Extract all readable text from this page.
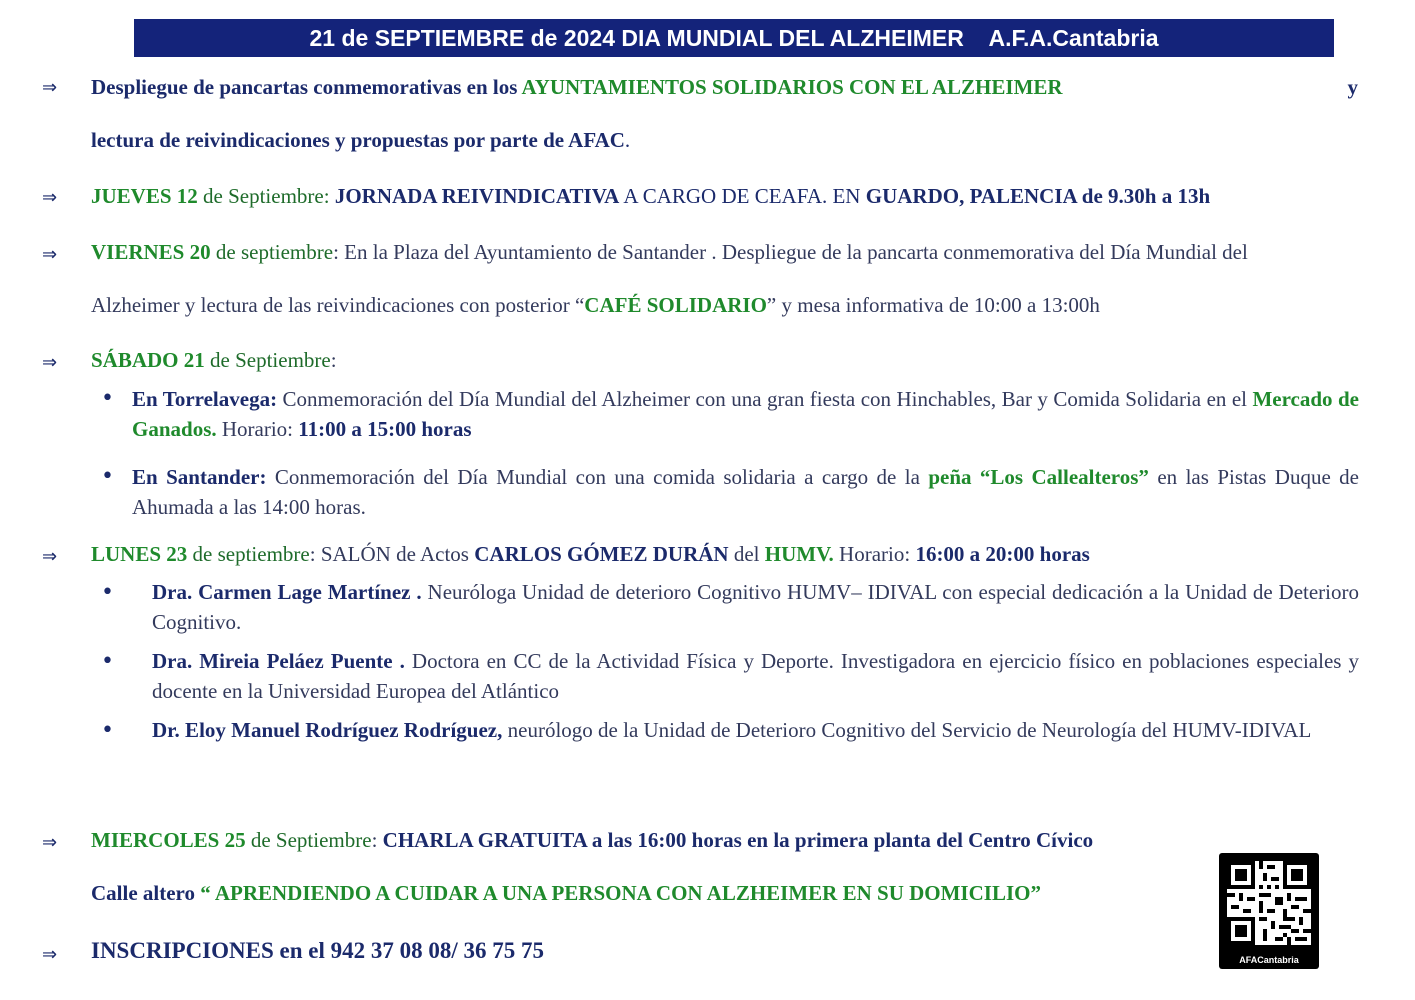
21 de SEPTIEMBRE de 2024 DIA MUNDIAL DEL ALZHEIMER    A.F.A.Cantabria
⇒ Despliegue de pancartas conmemorativas en los AYUNTAMIENTOS SOLIDARIOS CON EL ALZHEIMER	y
lectura de reivindicaciones y propuestas por parte de AFAC.
⇒ JUEVES 12 de Septiembre: JORNADA REIVINDICATIVA A CARGO DE CEAFA. EN GUARDO, PALENCIA de 9.30h a 13h
⇒ VIERNES 20 de septiembre: En la Plaza del Ayuntamiento de Santander . Despliegue de la pancarta conmemorativa del Día Mundial del
Alzheimer y lectura de las reivindicaciones con posterior “CAFÉ SOLIDARIO” y mesa informativa de 10:00 a 13:00h
⇒ SÁBADO 21 de Septiembre:
• En Torrelavega: Conmemoración del Día Mundial del Alzheimer con una gran fiesta con Hinchables, Bar y Comida Solidaria en el Mercado de Ganados. Horario: 11:00 a 15:00 horas
• En Santander: Conmemoración del Día Mundial con una comida solidaria a cargo de la peña “Los Callealteros” en las Pistas Duque de Ahumada a las 14:00 horas.
⇒ LUNES 23 de septiembre: SALÓN de Actos CARLOS GÓMEZ DURÁN del HUMV. Horario: 16:00 a 20:00 horas
• Dra. Carmen Lage Martínez . Neuróloga Unidad de deterioro Cognitivo HUMV– IDIVAL con especial dedicación a la Unidad de Deterioro Cognitivo.
• Dra. Mireia Peláez Puente . Doctora en CC de la Actividad Física y Deporte. Investigadora en ejercicio físico en poblaciones especiales y docente en la Universidad Europea del Atlántico
• Dr. Eloy Manuel Rodríguez Rodríguez, neurólogo de la Unidad de Deterioro Cognitivo del Servicio de Neurología del HUMV-IDIVAL
⇒ MIERCOLES 25 de Septiembre: CHARLA GRATUITA a las 16:00 horas en la primera planta del Centro Cívico
Calle altero “ APRENDIENDO A CUIDAR A UNA PERSONA CON ALZHEIMER EN SU DOMICILIO”
⇒ INSCRIPCIONES en el 942 37 08 08/ 36 75 75	AFACantabria
